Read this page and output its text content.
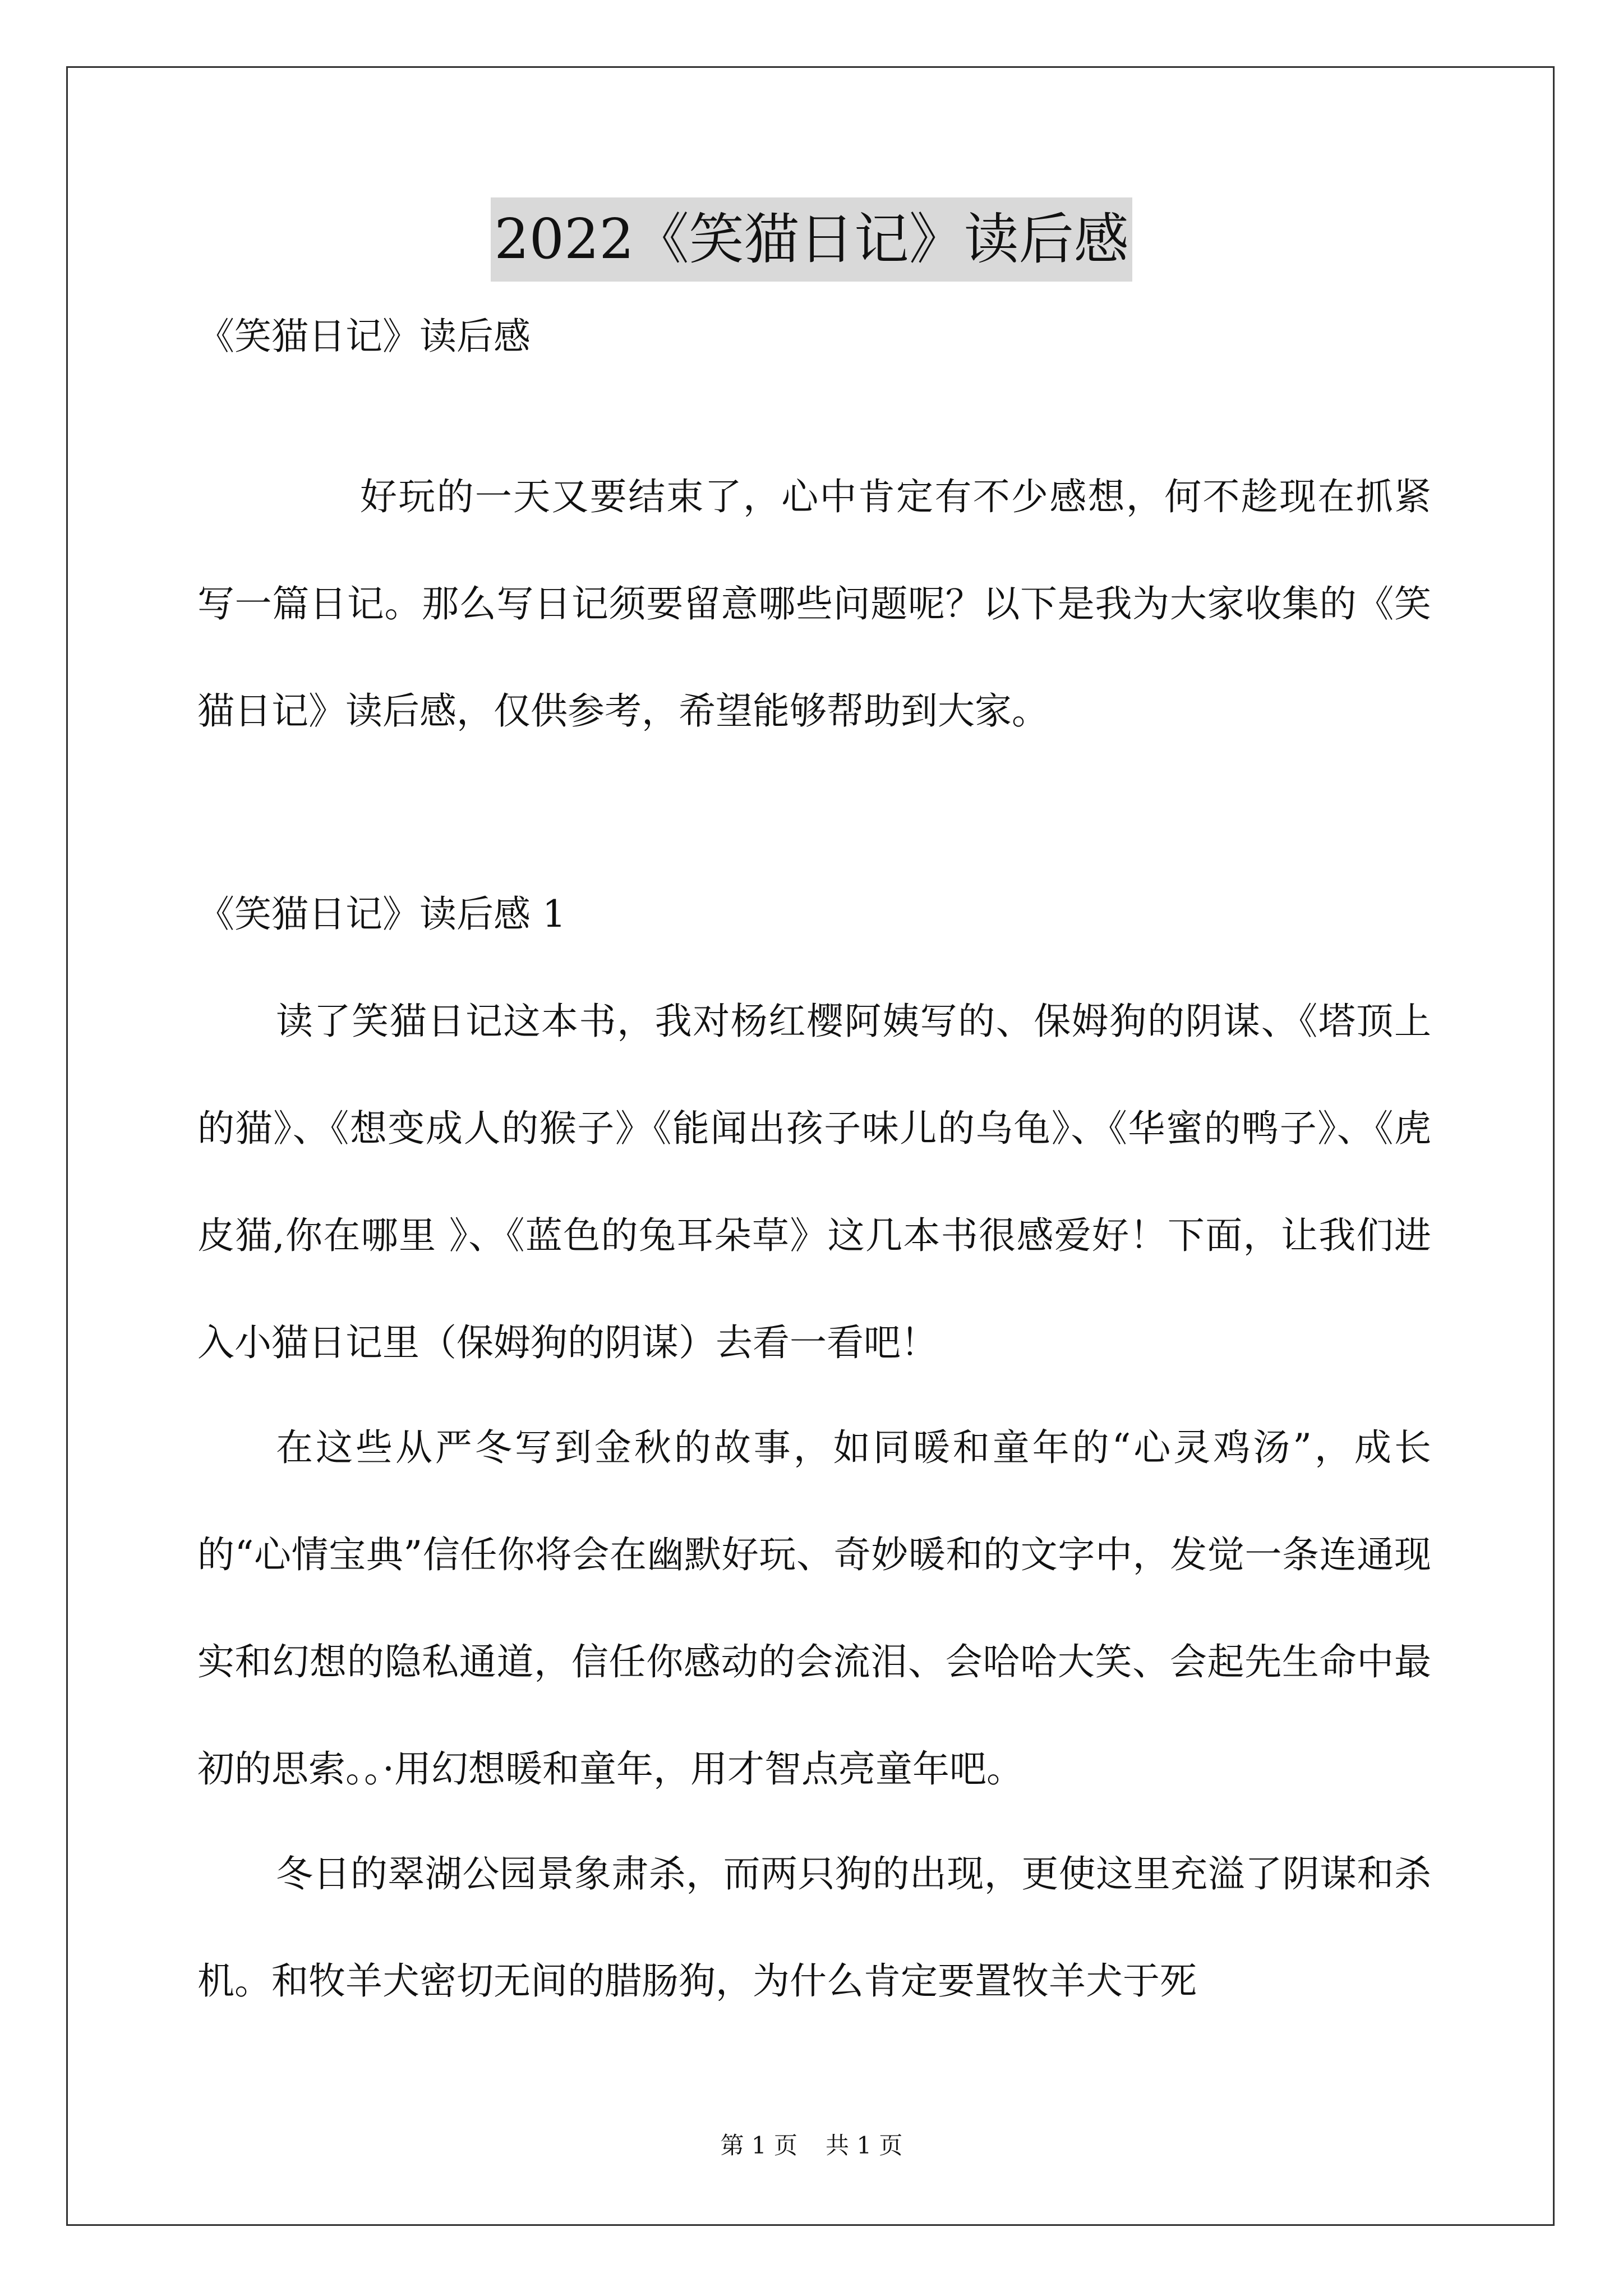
2022《笑猫日记》读后感
《笑猫日记》读后感
好玩的一天又要结束了，心中肯定有不少感想，何不趁现在抓紧写一篇日记。那么写日记须要留意哪些问题呢？以下是我为大家收集的《笑猫日记》读后感，仅供参考，希望能够帮助到大家。
《笑猫日记》读后感 1
读了笑猫日记这本书，我对杨红樱阿姨写的、保姆狗的阴谋、《塔顶上的猫》、《想变成人的猴子》《能闻出孩子味儿的乌龟》、《华蜜的鸭子》、《虎皮猫,你在哪里 》、《蓝色的兔耳朵草》这几本书很感爱好！下面，让我们进入小猫日记里（保姆狗的阴谋）去看一看吧！
在这些从严冬写到金秋的故事，如同暖和童年的“心灵鸡汤”，成长的“心情宝典”信任你将会在幽默好玩、奇妙暖和的文字中，发觉一条连通现实和幻想的隐私通道，信任你感动的会流泪、会哈哈大笑、会起先生命中最初的思索。。·用幻想暖和童年，用才智点亮童年吧。
冬日的翠湖公园景象肃杀，而两只狗的出现，更使这里充溢了阴谋和杀机。和牧羊犬密切无间的腊肠狗，为什么肯定要置牧羊犬于死
第 1 页 共 1 页
